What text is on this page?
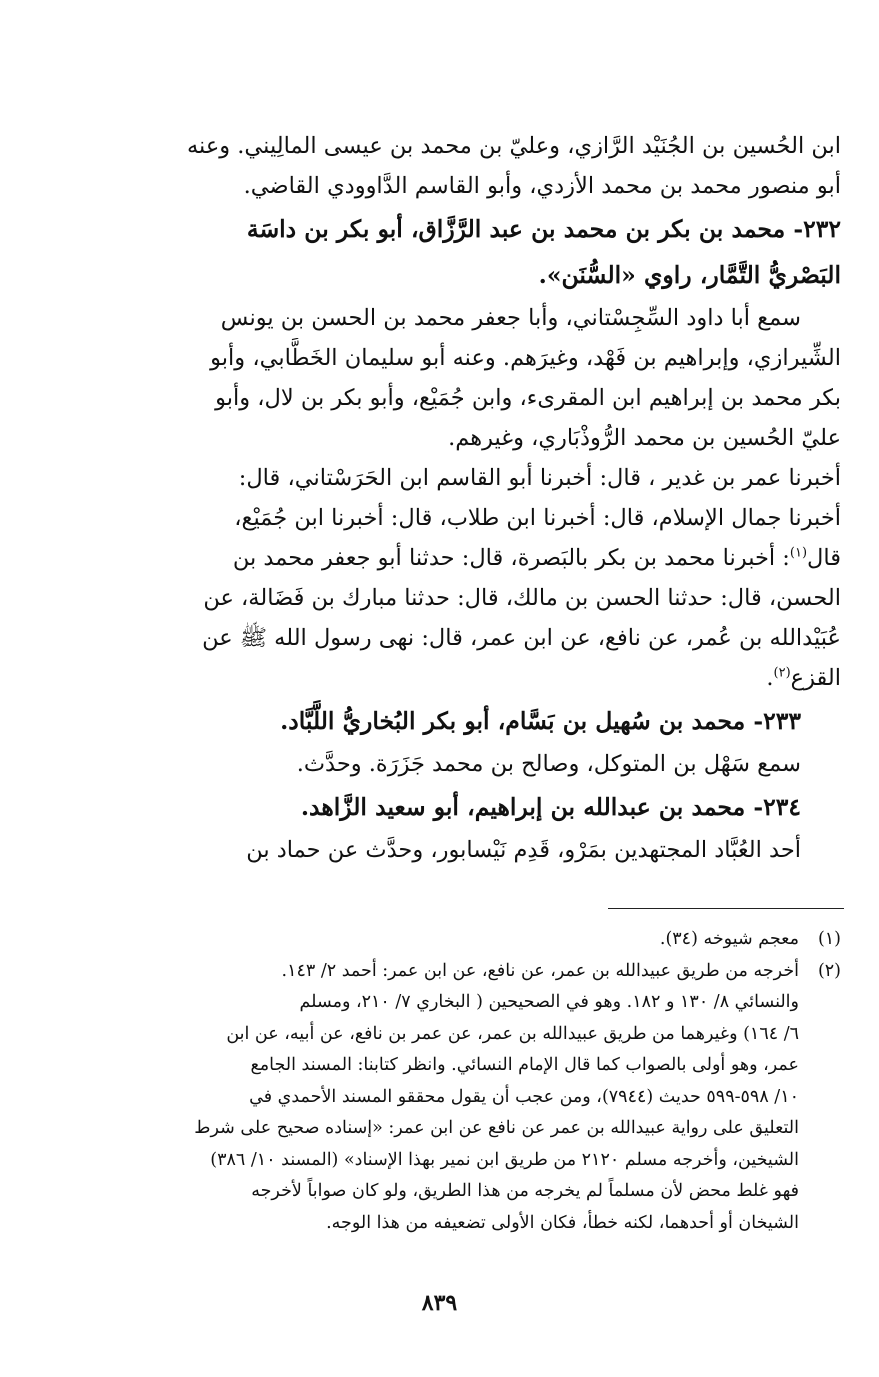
ابن الحُسين بن الجُنَيْد الرَّازي، وعليّ بن محمد بن عيسى المالِيني. وعنه
أبو منصور محمد بن محمد الأزدي، وأبو القاسم الدَّاوودي القاضي.
٢٣٢- محمد بن بكر بن محمد بن عبد الرَّزَّاق، أبو بكر بن داسَة
البَصْريُّ التَّمَّار، راوي «السُّنَن».
سمع أبا داود السِّجِسْتاني، وأبا جعفر محمد بن الحسن بن يونس
الشِّيرازي، وإبراهيم بن فَهْد، وغيرَهم. وعنه أبو سليمان الخَطَّابي، وأبو
بكر محمد بن إبراهيم ابن المقرىء، وابن جُمَيْع، وأبو بكر بن لال، وأبو
عليّ الحُسين بن محمد الرُّوذْبَاري، وغيرهم.
أخبرنا عمر بن غدير ، قال: أخبرنا أبو القاسم ابن الحَرَسْتاني، قال:
أخبرنا جمال الإسلام، قال: أخبرنا ابن طلاب، قال: أخبرنا ابن جُمَيْع،
قال$^{(١)}$: أخبرنا محمد بن بكر بالبَصرة، قال: حدثنا أبو جعفر محمد بن
الحسن، قال: حدثنا الحسن بن مالك، قال: حدثنا مبارك بن فَضَالة، عن
عُبَيْدالله بن عُمر، عن نافع، عن ابن عمر، قال: نهى رسول الله ﷺ عن
القزع$^{(٢)}$.
٢٣٣- محمد بن سُهيل بن بَسَّام، أبو بكر البُخاريُّ اللَّبَّاد.
سمع سَهْل بن المتوكل، وصالح بن محمد جَزَرَة. وحدَّث.
٢٣٤- محمد بن عبدالله بن إبراهيم، أبو سعيد الزَّاهد.
أحد العُبَّاد المجتهدين بمَرْو، قَدِم نَيْسابور، وحدَّث عن حماد بن
(١)معجم شيوخه (٣٤).
(٢)أخرجه من طريق عبيدالله بن عمر، عن نافع، عن ابن عمر: أحمد ٢/ ١٤٣.
والنسائي ٨/ ١٣٠ و ١٨٢. وهو في الصحيحين ( البخاري ٧/ ٢١٠، ومسلم
٦/ ١٦٤) وغيرهما من طريق عبيدالله بن عمر، عن عمر بن نافع، عن أبيه، عن ابن
عمر، وهو أولى بالصواب كما قال الإمام النسائي. وانظر كتابنا: المسند الجامع
١٠/ ٥٩٨-٥٩٩ حديث (٧٩٤٤)، ومن عجب أن يقول محققو المسند الأحمدي في
التعليق على رواية عبيدالله بن عمر عن نافع عن ابن عمر: «إسناده صحيح على شرط
الشيخين، وأخرجه مسلم ٢١٢٠ من طريق ابن نمير بهذا الإسناد» (المسند ١٠/ ٣٨٦)
فهو غلط محض لأن مسلماً لم يخرجه من هذا الطريق، ولو كان صواباً لأخرجه
الشيخان أو أحدهما، لكنه خطأ، فكان الأولى تضعيفه من هذا الوجه.
٨٣٩
